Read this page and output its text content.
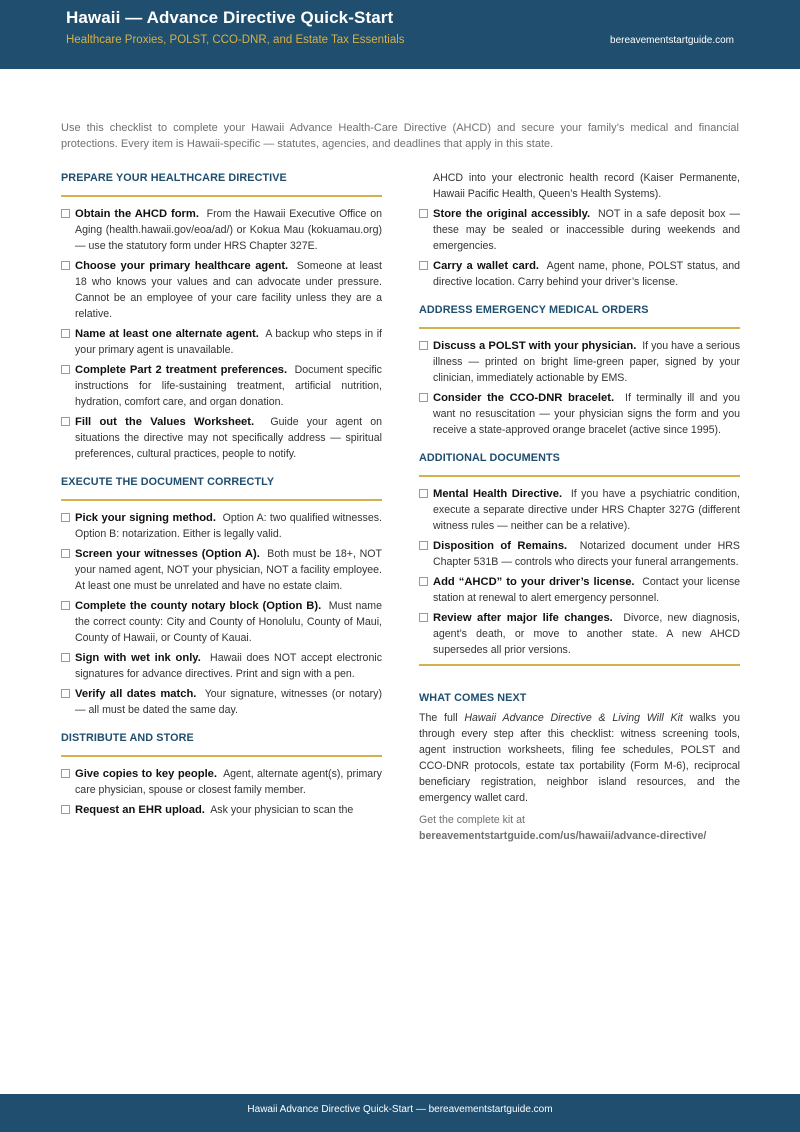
Hawaii — Advance Directive Quick-Start
Healthcare Proxies, POLST, CCO-DNR, and Estate Tax Essentials	bereavementstartguide.com
Use this checklist to complete your Hawaii Advance Health-Care Directive (AHCD) and secure your family’s medical and financial protections. Every item is Hawaii-specific — statutes, agencies, and deadlines that apply in this state.
PREPARE YOUR HEALTHCARE DIRECTIVE
Obtain the AHCD form. From the Hawaii Executive Office on Aging (health.hawaii.gov/eoa/ad/) or Kokua Mau (kokuamau.org) — use the statutory form under HRS Chapter 327E.
Choose your primary healthcare agent. Someone at least 18 who knows your values and can advocate under pressure. Cannot be an employee of your care facility unless they are a relative.
Name at least one alternate agent. A backup who steps in if your primary agent is unavailable.
Complete Part 2 treatment preferences. Document specific instructions for life-sustaining treatment, artificial nutrition, hydration, comfort care, and organ donation.
Fill out the Values Worksheet. Guide your agent on situations the directive may not specifically address — spiritual preferences, cultural practices, people to notify.
EXECUTE THE DOCUMENT CORRECTLY
Pick your signing method. Option A: two qualified witnesses. Option B: notarization. Either is legally valid.
Screen your witnesses (Option A). Both must be 18+, NOT your named agent, NOT your physician, NOT a facility employee. At least one must be unrelated and have no estate claim.
Complete the county notary block (Option B). Must name the correct county: City and County of Honolulu, County of Maui, County of Hawaii, or County of Kauai.
Sign with wet ink only. Hawaii does NOT accept electronic signatures for advance directives. Print and sign with a pen.
Verify all dates match. Your signature, witnesses (or notary) — all must be dated the same day.
DISTRIBUTE AND STORE
Give copies to key people. Agent, alternate agent(s), primary care physician, spouse or closest family member.
Request an EHR upload. Ask your physician to scan the
AHCD into your electronic health record (Kaiser Permanente, Hawaii Pacific Health, Queen’s Health Systems).
Store the original accessibly. NOT in a safe deposit box — these may be sealed or inaccessible during weekends and emergencies.
Carry a wallet card. Agent name, phone, POLST status, and directive location. Carry behind your driver’s license.
ADDRESS EMERGENCY MEDICAL ORDERS
Discuss a POLST with your physician. If you have a serious illness — printed on bright lime-green paper, signed by your clinician, immediately actionable by EMS.
Consider the CCO-DNR bracelet. If terminally ill and you want no resuscitation — your physician signs the form and you receive a state-approved orange bracelet (active since 1995).
ADDITIONAL DOCUMENTS
Mental Health Directive. If you have a psychiatric condition, execute a separate directive under HRS Chapter 327G (different witness rules — neither can be a relative).
Disposition of Remains. Notarized document under HRS Chapter 531B — controls who directs your funeral arrangements.
Add “AHCD” to your driver’s license. Contact your license station at renewal to alert emergency personnel.
Review after major life changes. Divorce, new diagnosis, agent’s death, or move to another state. A new AHCD supersedes all prior versions.
WHAT COMES NEXT

The full Hawaii Advance Directive & Living Will Kit walks you through every step after this checklist: witness screening tools, agent instruction worksheets, filing fee schedules, POLST and CCO-DNR protocols, estate tax portability (Form M-6), reciprocal beneficiary registration, neighbor island resources, and the emergency wallet card.

Get the complete kit at

bereavementstartguide.com/us/hawaii/advance-directive/

Hawaii Advance Directive Quick-Start — bereavementstartguide.com
